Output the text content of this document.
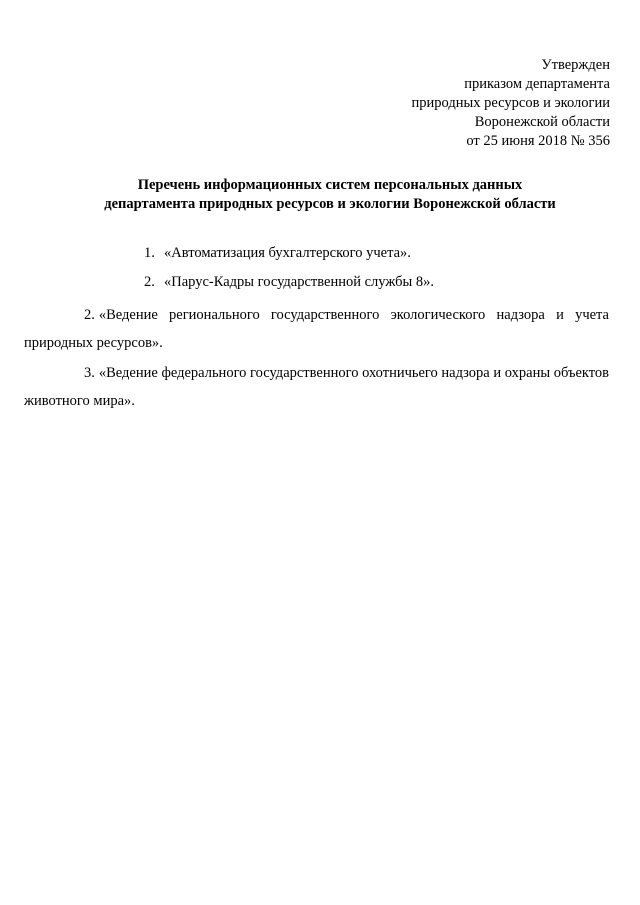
Утвержден
приказом департамента
природных ресурсов и экологии
Воронежской области
от 25 июня 2018 № 356
Перечень информационных систем персональных данных
департамента природных ресурсов и экологии Воронежской области
1. «Автоматизация бухгалтерского учета».
2. «Парус-Кадры государственной службы 8».
2. «Ведение регионального государственного экологического надзора и учета природных ресурсов».
3. «Ведение федерального государственного охотничьего надзора и охраны объектов животного мира».
